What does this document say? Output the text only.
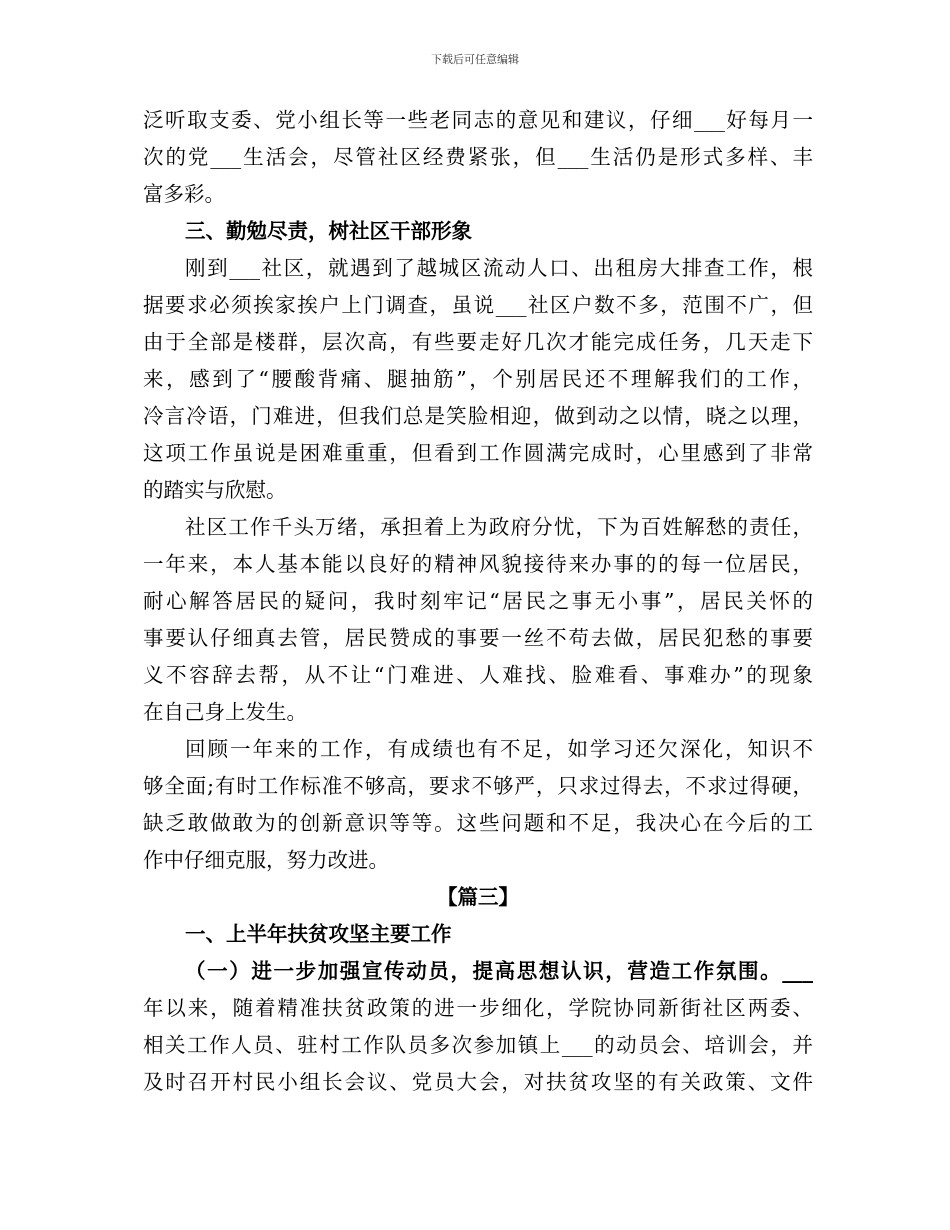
下载后可任意编辑
泛听取支委、党小组长等一些老同志的意见和建议，仔细___好每月一
次的党___生活会，尽管社区经费紧张，但___生活仍是形式多样、丰
富多彩。
三、勤勉尽责，树社区干部形象
刚到___社区，就遇到了越城区流动人口、出租房大排查工作，根
据要求必须挨家挨户上门调查，虽说___社区户数不多，范围不广，但
由于全部是楼群，层次高，有些要走好几次才能完成任务，几天走下
来，感到了“腰酸背痛、腿抽筋”，个别居民还不理解我们的工作，
冷言冷语，门难进，但我们总是笑脸相迎，做到动之以情，晓之以理，
这项工作虽说是困难重重，但看到工作圆满完成时，心里感到了非常
的踏实与欣慰。
社区工作千头万绪，承担着上为政府分忧，下为百姓解愁的责任，
一年来，本人基本能以良好的精神风貌接待来办事的的每一位居民，
耐心解答居民的疑问，我时刻牢记“居民之事无小事”，居民关怀的
事要认仔细真去管，居民赞成的事要一丝不苟去做，居民犯愁的事要
义不容辞去帮，从不让“门难进、人难找、脸难看、事难办”的现象
在自己身上发生。
回顾一年来的工作，有成绩也有不足，如学习还欠深化，知识不
够全面;有时工作标准不够高，要求不够严，只求过得去，不求过得硬，
缺乏敢做敢为的创新意识等等。这些问题和不足，我决心在今后的工
作中仔细克服，努力改进。
【篇三】
一、上半年扶贫攻坚主要工作
（一）进一步加强宣传动员，提高思想认识，营造工作氛围。___
年以来，随着精准扶贫政策的进一步细化，学院协同新街社区两委、
相关工作人员、驻村工作队员多次参加镇上___的动员会、培训会，并
及时召开村民小组长会议、党员大会，对扶贫攻坚的有关政策、文件
